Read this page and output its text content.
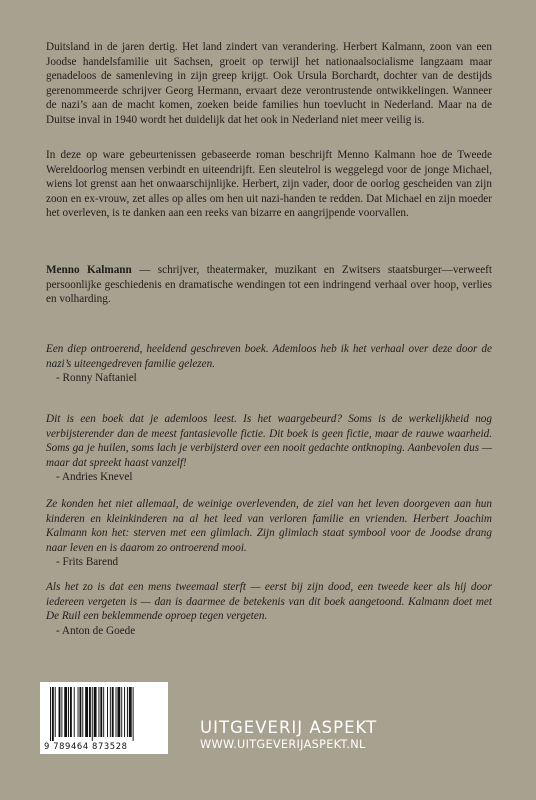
Duitsland in de jaren dertig. Het land zindert van verandering. Herbert Kalmann, zoon van een Joodse handelsfamilie uit Sachsen, groeit op terwijl het nationaalsocialisme langzaam maar genadeloos de samenleving in zijn greep krijgt. Ook Ursula Borchardt, dochter van de destijds gerenommeerde schrijver Georg Hermann, ervaart deze verontrustende ontwikkelingen. Wanneer de nazi’s aan de macht komen, zoeken beide families hun toevlucht in Nederland. Maar na de Duitse inval in 1940 wordt het duidelijk dat het ook in Nederland niet meer veilig is.

In deze op ware gebeurtenissen gebaseerde roman beschrijft Menno Kalmann hoe de Tweede Wereldoorlog mensen verbindt en uiteendrijft. Een sleutelrol is weggelegd voor de jonge Michael, wiens lot grenst aan het onwaarschijnlijke. Herbert, zijn vader, door de oorlog gescheiden van zijn zoon en ex-vrouw, zet alles op alles om hen uit nazi-handen te redden. Dat Michael en zijn moeder het overleven, is te danken aan een reeks van bizarre en aangrijpende voorvallen.

Menno Kalmann — schrijver, theatermaker, muzikant en Zwitsers staatsburger—verweeft persoonlijke geschiedenis en dramatische wendingen tot een indringend verhaal over hoop, verlies en volharding.

Een diep ontroerend, heeldend geschreven boek. Ademloos heb ik het verhaal over deze door de nazi’s uiteengedreven familie gelezen.
- Ronny Naftaniel
Dit is een boek dat je ademloos leest. Is het waargebeurd? Soms is de werkelijkheid nog verbijsterender dan de meest fantasievolle fictie. Dit boek is geen fictie, maar de rauwe waarheid. Soms ga je huilen, soms lach je verbijsterd over een nooit gedachte ontknoping. Aanbevolen dus — maar dat spreekt haast vanzelf!
- Andries Knevel
Ze konden het niet allemaal, de weinige overlevenden, de ziel van het leven doorgeven aan hun kinderen en kleinkinderen na al het leed van verloren familie en vrienden. Herbert Joachim Kalmann kon het: sterven met een glimlach. Zijn glimlach staat symbool voor de Joodse drang naar leven en is daarom zo ontroerend mooi.
- Frits Barend
Als het zo is dat een mens tweemaal sterft — eerst bij zijn dood, een tweede keer als hij door iedereen vergeten is — dan is daarmee de betekenis van dit boek aangetoond. Kalmann doet met De Ruil een beklemmende oproep tegen vergeten.
- Anton de Goede
9 789464 873528
UITGEVERIJ ASPEKT
WWW.UITGEVERIJASPEKT.NL
